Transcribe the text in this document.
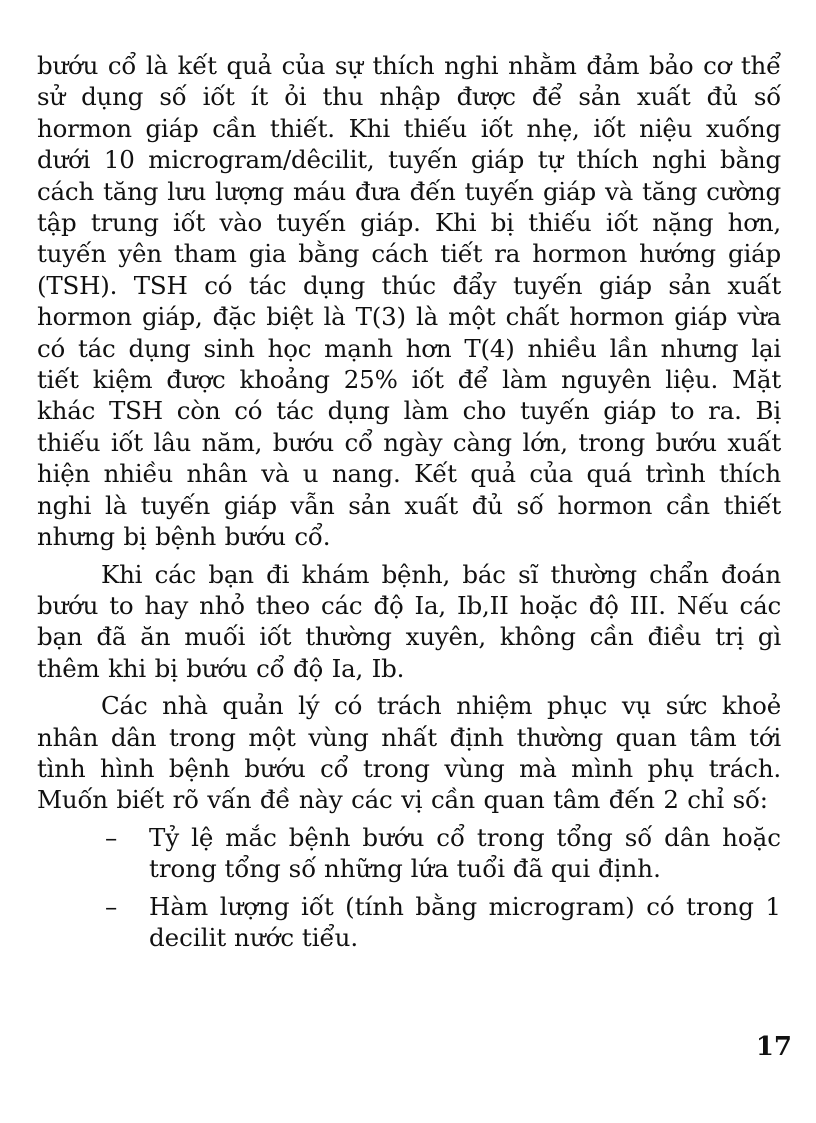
bướu cổ là kết quả của sự thích nghi nhằm đảm bảo cơ thể sử dụng số iốt ít ỏi thu nhập được để sản xuất đủ số hormon giáp cần thiết. Khi thiếu iốt nhẹ, iốt niệu xuống dưới 10 microgram/dêcilit, tuyến giáp tự thích nghi bằng cách tăng lưu lượng máu đưa đến tuyến giáp và tăng cường tập trung iốt vào tuyến giáp. Khi bị thiếu iốt nặng hơn, tuyến yên tham gia bằng cách tiết ra hormon hướng giáp (TSH). TSH có tác dụng thúc đẩy tuyến giáp sản xuất hormon giáp, đặc biệt là T(3) là một chất hormon giáp vừa có tác dụng sinh học mạnh hơn T(4) nhiều lần nhưng lại tiết kiệm được khoảng 25% iốt để làm nguyên liệu. Mặt khác TSH còn có tác dụng làm cho tuyến giáp to ra. Bị thiếu iốt lâu năm, bướu cổ ngày càng lớn, trong bướu xuất hiện nhiều nhân và u nang. Kết quả của quá trình thích nghi là tuyến giáp vẫn sản xuất đủ số hormon cần thiết nhưng bị bệnh bướu cổ.

Khi các bạn đi khám bệnh, bác sĩ thường chẩn đoán bướu to hay nhỏ theo các độ Ia, Ib,II hoặc độ III. Nếu các bạn đã ăn muối iốt thường xuyên, không cần điều trị gì thêm khi bị bướu cổ độ Ia, Ib.

Các nhà quản lý có trách nhiệm phục vụ sức khoẻ nhân dân trong một vùng nhất định thường quan tâm tới tình hình bệnh bướu cổ trong vùng mà mình phụ trách. Muốn biết rõ vấn đề này các vị cần quan tâm đến 2 chỉ số:

– Tỷ lệ mắc bệnh bướu cổ trong tổng số dân hoặc trong tổng số những lứa tuổi đã qui định.
– Hàm lượng iốt (tính bằng microgram) có trong 1 decilit nước tiểu.
17
